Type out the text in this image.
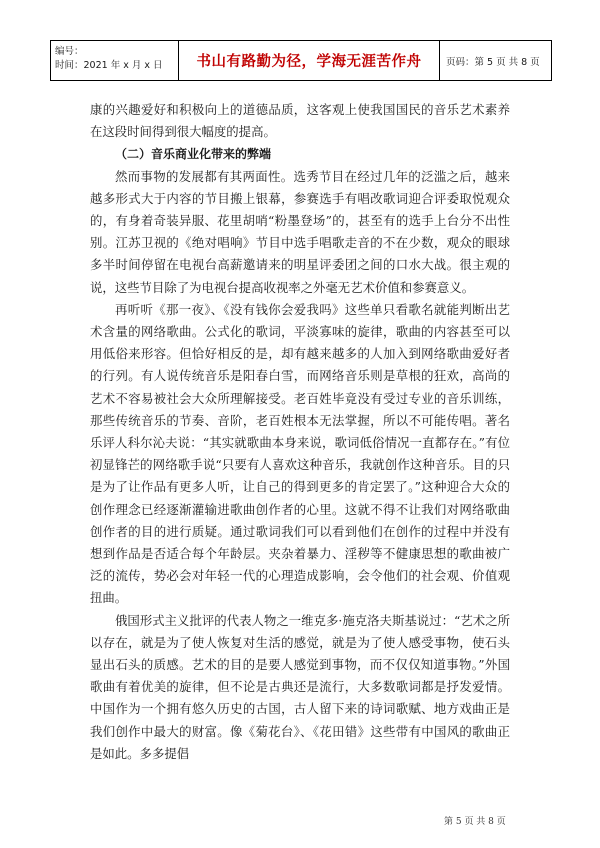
编号：
时间：2021 年 x 月 x 日	书山有路勤为径，学海无涯苦作舟	页码：第 5 页 共 8 页

康的兴趣爱好和积极向上的道德品质，这客观上使我国国民的音乐艺术素养在这段时间得到很大幅度的提高。

（二）音乐商业化带来的弊端

然而事物的发展都有其两面性。选秀节目在经过几年的泛滥之后，越来越多形式大于内容的节目搬上银幕，参赛选手有唱改歌词迎合评委取悦观众的，有身着奇装异服、花里胡哨“粉墨登场”的，甚至有的选手上台分不出性别。江苏卫视的《绝对唱响》节目中选手唱歌走音的不在少数，观众的眼球多半时间停留在电视台高薪邀请来的明星评委团之间的口水大战。很主观的说，这些节目除了为电视台提高收视率之外毫无艺术价值和参赛意义。

再听听《那一夜》、《没有钱你会爱我吗》这些单只看歌名就能判断出艺术含量的网络歌曲。公式化的歌词，平淡寡味的旋律，歌曲的内容甚至可以用低俗来形容。但恰好相反的是，却有越来越多的人加入到网络歌曲爱好者的行列。有人说传统音乐是阳春白雪，而网络音乐则是草根的狂欢，高尚的艺术不容易被社会大众所理解接受。老百姓毕竟没有受过专业的音乐训练，那些传统音乐的节奏、音阶，老百姓根本无法掌握，所以不可能传唱。著名乐评人科尔沁夫说：“其实就歌曲本身来说，歌词低俗情况一直都存在。”有位初显锋芒的网络歌手说“只要有人喜欢这种音乐，我就创作这种音乐。目的只是为了让作品有更多人听，让自己的得到更多的肯定罢了。”这种迎合大众的创作理念已经逐渐灌输进歌曲创作者的心里。这就不得不让我们对网络歌曲创作者的目的进行质疑。通过歌词我们可以看到他们在创作的过程中并没有想到作品是否适合每个年龄层。夹杂着暴力、淫秽等不健康思想的歌曲被广泛的流传，势必会对年轻一代的心理造成影响，会令他们的社会观、价值观扭曲。

俄国形式主义批评的代表人物之一维克多·施克洛夫斯基说过：“艺术之所以存在，就是为了使人恢复对生活的感觉，就是为了使人感受事物，使石头显出石头的质感。艺术的目的是要人感觉到事物，而不仅仅知道事物。”外国歌曲有着优美的旋律，但不论是古典还是流行，大多数歌词都是抒发爱情。中国作为一个拥有悠久历史的古国，古人留下来的诗词歌赋、地方戏曲正是我们创作中最大的财富。像《菊花台》、《花田错》这些带有中国风的歌曲正是如此。多多提倡

第 5 页 共 8 页
